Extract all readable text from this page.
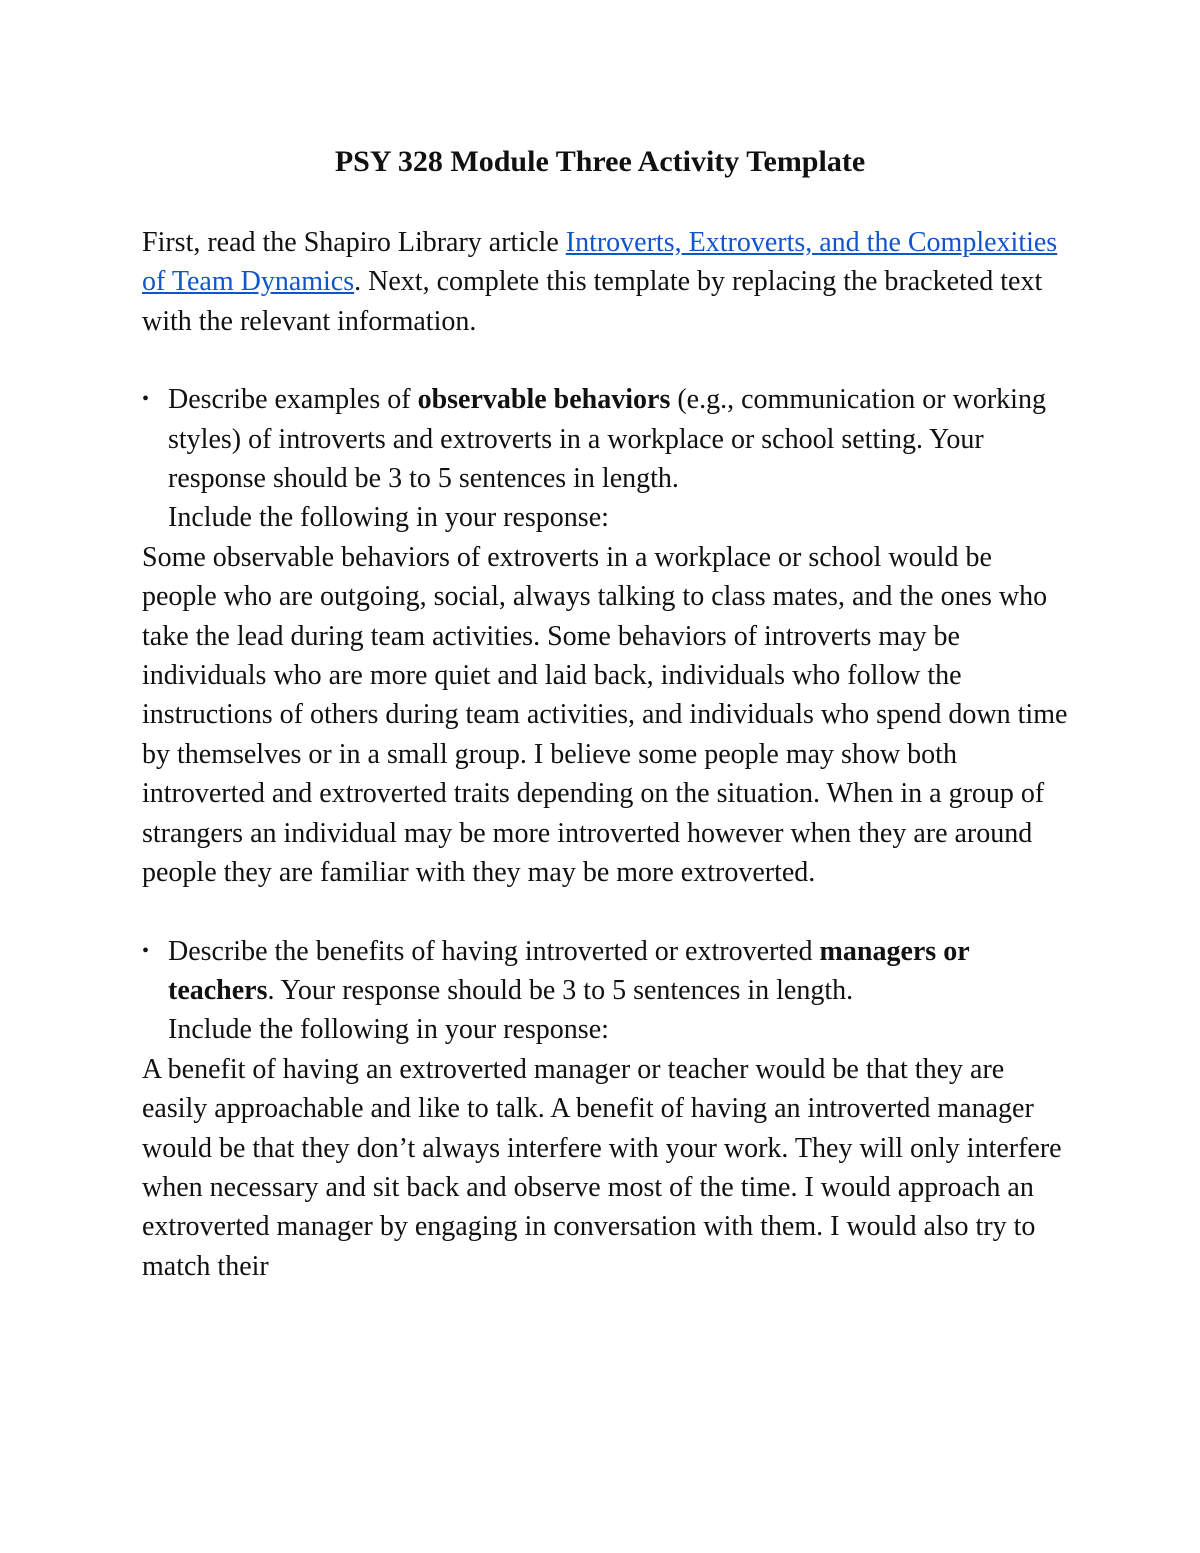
PSY 328 Module Three Activity Template

First, read the Shapiro Library article Introverts, Extroverts, and the Complexities of Team Dynamics. Next, complete this template by replacing the bracketed text with the relevant information.

• Describe examples of observable behaviors (e.g., communication or working styles) of introverts and extroverts in a workplace or school setting. Your response should be 3 to 5 sentences in length.

Include the following in your response:

Some observable behaviors of extroverts in a workplace or school would be people who are outgoing, social, always talking to class mates, and the ones who take the lead during team activities. Some behaviors of introverts may be individuals who are more quiet and laid back, individuals who follow the instructions of others during team activities, and individuals who spend down time by themselves or in a small group. I believe some people may show both introverted and extroverted traits depending on the situation. When in a group of strangers an individual may be more introverted however when they are around people they are familiar with they may be more extroverted.

• Describe the benefits of having introverted or extroverted managers or teachers. Your response should be 3 to 5 sentences in length.

Include the following in your response:

A benefit of having an extroverted manager or teacher would be that they are easily approachable and like to talk. A benefit of having an introverted manager would be that they don’t always interfere with your work. They will only interfere when necessary and sit back and observe most of the time. I would approach an extroverted manager by engaging in conversation with them. I would also try to match their
